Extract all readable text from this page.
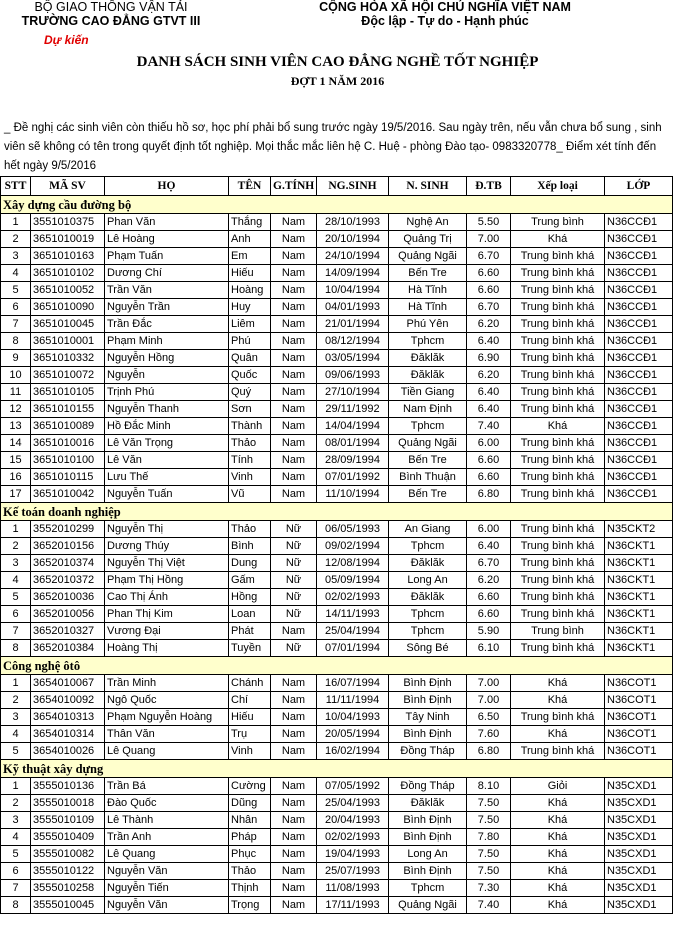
BỘ GIAO THÔNG VẬN TẢI
TRƯỜNG CAO ĐẲNG GTVT III
Dự kiến
CỘNG HÒA XÃ HỘI CHỦ NGHĨA VIỆT NAM
Độc lập - Tự do - Hạnh phúc
DANH SÁCH SINH VIÊN CAO ĐẲNG NGHỀ TỐT NGHIỆP
ĐỢT 1 NĂM 2016
_ Đề nghị các sinh viên còn thiếu hồ sơ, học phí phải bổ sung trước ngày 19/5/2016. Sau ngày trên, nếu vẫn chưa bổ sung , sinh viên sẽ không có tên trong quyết định tốt nghiệp. Mọi thắc mắc liên hệ C. Huệ - phòng Đào tạo- 0983320778_ Điểm xét tính đến hết ngày 9/5/2016
STT	MÃ SV	HỌ	TÊN	G.TÍNH	NG.SINH	N. SINH	Đ.TB	Xếp loại	LỚP
Xây dựng cầu đường bộ									
1	3551010375	Phan Văn	Thắng	Nam	28/10/1993	Nghệ An	5.50	Trung bình	N36CCĐ1
2	3651010019	Lê Hoàng	Anh	Nam	20/10/1994	Quảng Trị	7.00	Khá	N36CCĐ1
3	3651010163	Phạm Tuấn	Em	Nam	24/10/1994	Quảng Ngãi	6.70	Trung bình khá	N36CCĐ1
4	3651010102	Dương Chí	Hiếu	Nam	14/09/1994	Bến Tre	6.60	Trung bình khá	N36CCĐ1
5	3651010052	Trần Văn	Hoàng	Nam	10/04/1994	Hà Tĩnh	6.60	Trung bình khá	N36CCĐ1
6	3651010090	Nguyễn Trần	Huy	Nam	04/01/1993	Hà Tĩnh	6.70	Trung bình khá	N36CCĐ1
7	3651010045	Trần Đắc	Liêm	Nam	21/01/1994	Phú Yên	6.20	Trung bình khá	N36CCĐ1
8	3651010001	Phạm Minh	Phú	Nam	08/12/1994	Tphcm	6.40	Trung bình khá	N36CCĐ1
9	3651010332	Nguyễn Hồng	Quân	Nam	03/05/1994	Đăklăk	6.90	Trung bình khá	N36CCĐ1
10	3651010072	Nguyễn	Quốc	Nam	09/06/1993	Đăklăk	6.20	Trung bình khá	N36CCĐ1
11	3651010105	Trịnh Phú	Quý	Nam	27/10/1994	Tiền Giang	6.40	Trung bình khá	N36CCĐ1
12	3651010155	Nguyễn Thanh	Sơn	Nam	29/11/1992	Nam Định	6.40	Trung bình khá	N36CCĐ1
13	3651010089	Hồ Đắc Minh	Thành	Nam	14/04/1994	Tphcm	7.40	Khá	N36CCĐ1
14	3651010016	Lê Văn Trọng	Thảo	Nam	08/01/1994	Quảng Ngãi	6.00	Trung bình khá	N36CCĐ1
15	3651010100	Lê Văn	Tính	Nam	28/09/1994	Bến Tre	6.60	Trung bình khá	N36CCĐ1
16	3651010115	Lưu Thế	Vinh	Nam	07/01/1992	Bình Thuận	6.60	Trung bình khá	N36CCĐ1
17	3651010042	Nguyễn Tuấn	Vũ	Nam	11/10/1994	Bến Tre	6.80	Trung bình khá	N36CCĐ1
Kế toán doanh nghiệp									
1	3552010299	Nguyễn Thị	Thảo	Nữ	06/05/1993	An Giang	6.00	Trung bình khá	N35CKT2
2	3652010156	Dương Thúy	Bình	Nữ	09/02/1994	Tphcm	6.40	Trung bình khá	N36CKT1
3	3652010374	Nguyễn Thị Việt	Dung	Nữ	12/08/1994	Đăklăk	6.70	Trung bình khá	N36CKT1
4	3652010372	Phạm Thị Hồng	Gấm	Nữ	05/09/1994	Long An	6.20	Trung bình khá	N36CKT1
5	3652010036	Cao Thị Ánh	Hồng	Nữ	02/02/1993	Đăklăk	6.60	Trung bình khá	N36CKT1
6	3652010056	Phan Thị Kim	Loan	Nữ	14/11/1993	Tphcm	6.60	Trung bình khá	N36CKT1
7	3652010327	Vương Đại	Phát	Nam	25/04/1994	Tphcm	5.90	Trung bình	N36CKT1
8	3652010384	Hoàng Thị	Tuyền	Nữ	07/01/1994	Sông Bé	6.10	Trung bình khá	N36CKT1
Công nghệ ôtô									
1	3654010067	Trần Minh	Chánh	Nam	16/07/1994	Bình Định	7.00	Khá	N36COT1
2	3654010092	Ngô Quốc	Chí	Nam	11/11/1994	Bình Định	7.00	Khá	N36COT1
3	3654010313	Phạm Nguyễn Hoàng	Hiếu	Nam	10/04/1993	Tây Ninh	6.50	Trung bình khá	N36COT1
4	3654010314	Thân Văn	Trụ	Nam	20/05/1994	Bình Định	7.60	Khá	N36COT1
5	3654010026	Lê Quang	Vinh	Nam	16/02/1994	Đồng Tháp	6.80	Trung bình khá	N36COT1
Kỹ thuật xây dựng									
1	3555010136	Trần Bá	Cường	Nam	07/05/1992	Đồng Tháp	8.10	Giỏi	N35CXD1
2	3555010018	Đào Quốc	Dũng	Nam	25/04/1993	Đăklăk	7.50	Khá	N35CXD1
3	3555010109	Lê Thành	Nhân	Nam	20/04/1993	Bình Định	7.50	Khá	N35CXD1
4	3555010409	Trần Anh	Pháp	Nam	02/02/1993	Bình Định	7.80	Khá	N35CXD1
5	3555010082	Lê Quang	Phục	Nam	19/04/1993	Long An	7.50	Khá	N35CXD1
6	3555010122	Nguyễn Văn	Thảo	Nam	25/07/1993	Bình Định	7.50	Khá	N35CXD1
7	3555010258	Nguyễn Tiến	Thịnh	Nam	11/08/1993	Tphcm	7.30	Khá	N35CXD1
8	3555010045	Nguyễn Văn	Trọng	Nam	17/11/1993	Quảng Ngãi	7.40	Khá	N35CXD1
